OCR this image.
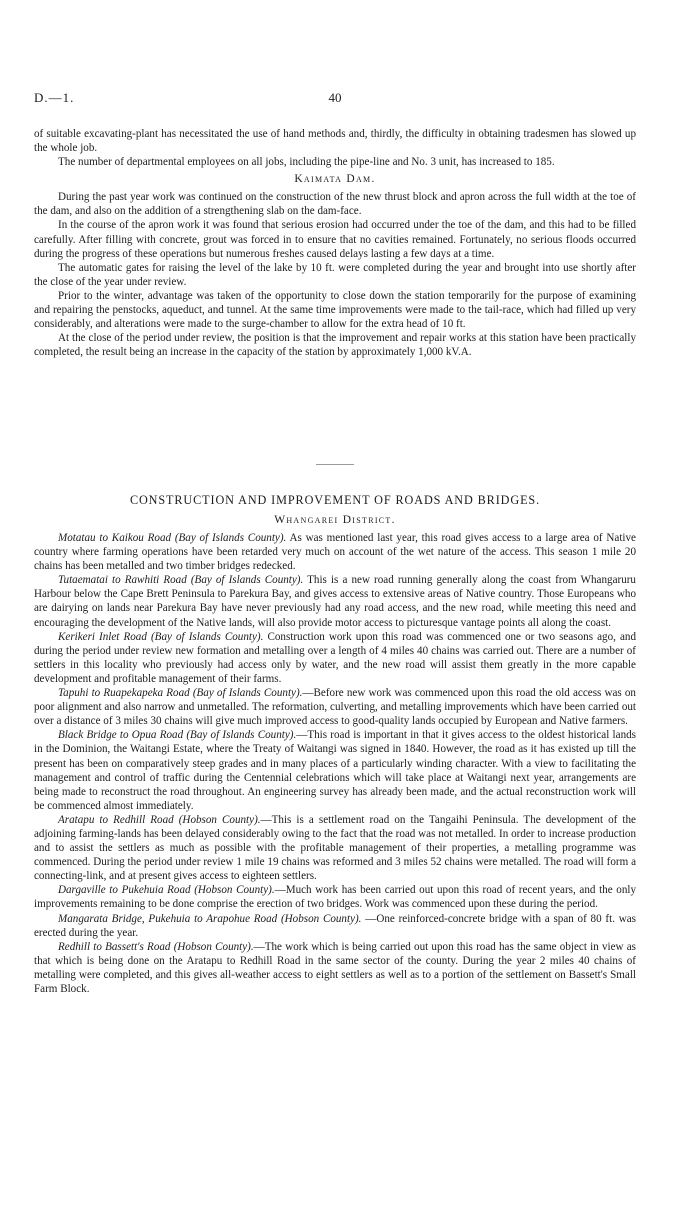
D.—1.	40

of suitable excavating-plant has necessitated the use of hand methods and, thirdly, the difficulty in obtaining tradesmen has slowed up the whole job.

The number of departmental employees on all jobs, including the pipe-line and No. 3 unit, has increased to 185.

Kaimata Dam.

During the past year work was continued on the construction of the new thrust block and apron across the full width at the toe of the dam, and also on the addition of a strengthening slab on the dam-face.

In the course of the apron work it was found that serious erosion had occurred under the toe of the dam, and this had to be filled carefully. After filling with concrete, grout was forced in to ensure that no cavities remained. Fortunately, no serious floods occurred during the progress of these operations but numerous freshes caused delays lasting a few days at a time.

The automatic gates for raising the level of the lake by 10 ft. were completed during the year and brought into use shortly after the close of the year under review.

Prior to the winter, advantage was taken of the opportunity to close down the station temporarily for the purpose of examining and repairing the penstocks, aqueduct, and tunnel. At the same time improvements were made to the tail-race, which had filled up very considerably, and alterations were made to the surge-chamber to allow for the extra head of 10 ft.

At the close of the period under review, the position is that the improvement and repair works at this station have been practically completed, the result being an increase in the capacity of the station by approximately 1,000 kV.A.

CONSTRUCTION AND IMPROVEMENT OF ROADS AND BRIDGES.
Whangarei District.

Motatau to Kaikou Road (Bay of Islands County). As was mentioned last year, this road gives access to a large area of Native country where farming operations have been retarded very much on account of the wet nature of the access. This season 1 mile 20 chains has been metalled and two timber bridges redecked.

Tutaematai to Rawhiti Road (Bay of Islands County). This is a new road running generally along the coast from Whangaruru Harbour below the Cape Brett Peninsula to Parekura Bay, and gives access to extensive areas of Native country. Those Europeans who are dairying on lands near Parekura Bay have never previously had any road access, and the new road, while meeting this need and encouraging the development of the Native lands, will also provide motor access to picturesque vantage points all along the coast.

Kerikeri Inlet Road (Bay of Islands County). Construction work upon this road was commenced one or two seasons ago, and during the period under review new formation and metalling over a length of 4 miles 40 chains was carried out. There are a number of settlers in this locality who previously had access only by water, and the new road will assist them greatly in the more capable development and profitable management of their farms.

Tapuhi to Ruapekapeka Road (Bay of Islands County).—Before new work was commenced upon this road the old access was on poor alignment and also narrow and unmetalled. The reformation, culverting, and metalling improvements which have been carried out over a distance of 3 miles 30 chains will give much improved access to good-quality lands occupied by European and Native farmers.

Black Bridge to Opua Road (Bay of Islands County).—This road is important in that it gives access to the oldest historical lands in the Dominion, the Waitangi Estate, where the Treaty of Waitangi was signed in 1840. However, the road as it has existed up till the present has been on comparatively steep grades and in many places of a particularly winding character. With a view to facilitating the management and control of traffic during the Centennial celebrations which will take place at Waitangi next year, arrangements are being made to reconstruct the road throughout. An engineering survey has already been made, and the actual reconstruction work will be commenced almost immediately.

Aratapu to Redhill Road (Hobson County).—This is a settlement road on the Tangaihi Peninsula. The development of the adjoining farming-lands has been delayed considerably owing to the fact that the road was not metalled. In order to increase production and to assist the settlers as much as possible with the profitable management of their properties, a metalling programme was commenced. During the period under review 1 mile 19 chains was reformed and 3 miles 52 chains were metalled. The road will form a connecting-link, and at present gives access to eighteen settlers.

Dargaville to Pukehuia Road (Hobson County).—Much work has been carried out upon this road of recent years, and the only improvements remaining to be done comprise the erection of two bridges. Work was commenced upon these during the period.

Mangarata Bridge, Pukehuia to Arapohue Road (Hobson County). —One reinforced-concrete bridge with a span of 80 ft. was erected during the year.

Redhill to Bassett's Road (Hobson County).—The work which is being carried out upon this road has the same object in view as that which is being done on the Aratapu to Redhill Road in the same sector of the county. During the year 2 miles 40 chains of metalling were completed, and this gives all-weather access to eight settlers as well as to a portion of the settlement on Bassett's Small Farm Block.
